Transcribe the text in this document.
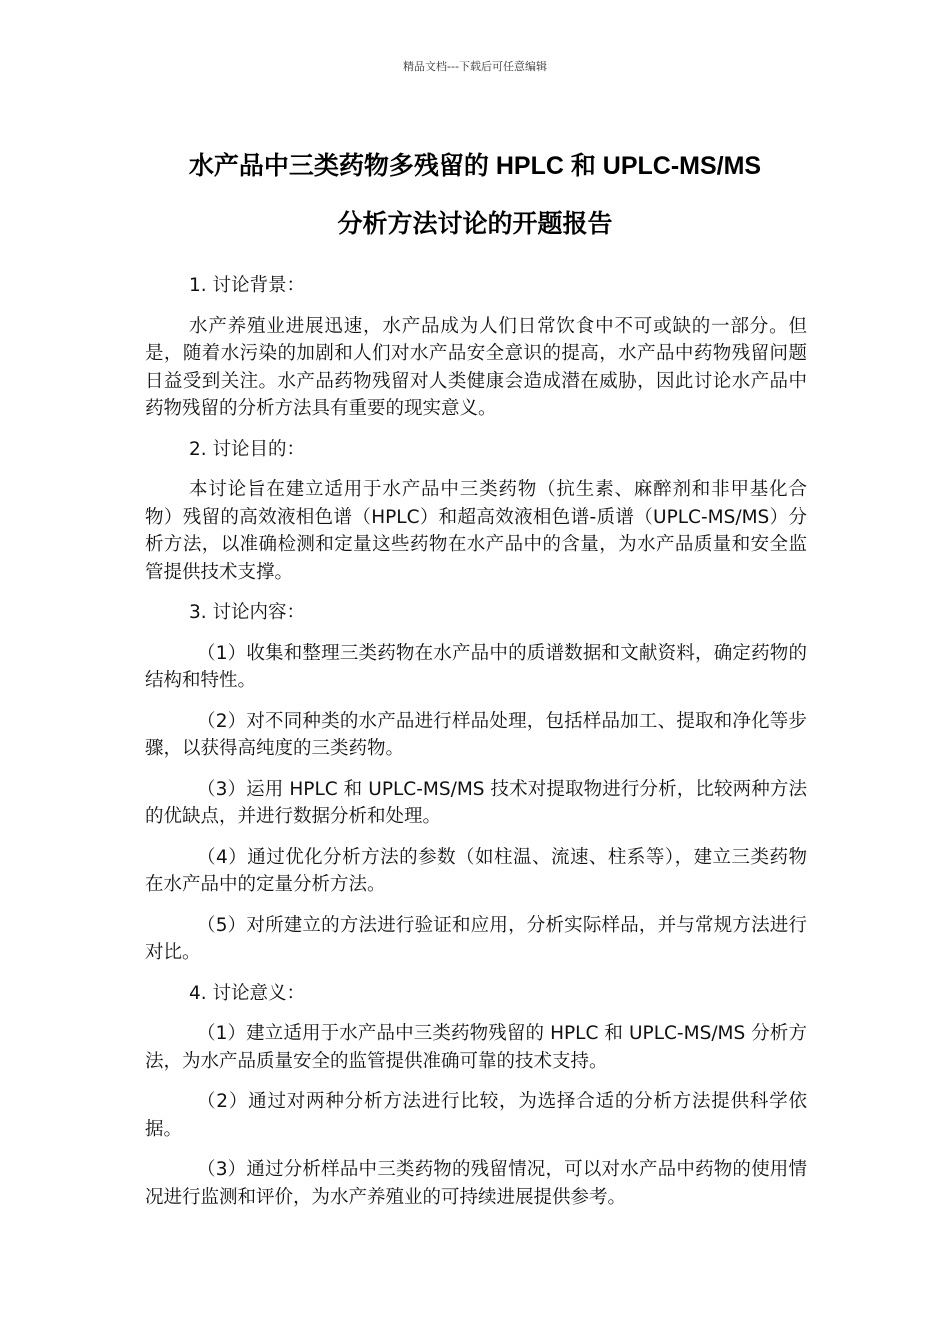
精品文档---下载后可任意编辑
水产品中三类药物多残留的 HPLC 和 UPLC-MS/MS
分析方法讨论的开题报告

1. 讨论背景：

水产养殖业进展迅速，水产品成为人们日常饮食中不可或缺的一部分。但是，随着水污染的加剧和人们对水产品安全意识的提高，水产品中药物残留问题日益受到关注。水产品药物残留对人类健康会造成潜在威胁，因此讨论水产品中药物残留的分析方法具有重要的现实意义。

2. 讨论目的：

本讨论旨在建立适用于水产品中三类药物（抗生素、麻醉剂和非甲基化合物）残留的高效液相色谱（HPLC）和超高效液相色谱-质谱（UPLC-MS/MS）分析方法，以准确检测和定量这些药物在水产品中的含量，为水产品质量和安全监管提供技术支撑。

3. 讨论内容：

（1）收集和整理三类药物在水产品中的质谱数据和文献资料，确定药物的结构和特性。

（2）对不同种类的水产品进行样品处理，包括样品加工、提取和净化等步骤，以获得高纯度的三类药物。

（3）运用 HPLC 和 UPLC-MS/MS 技术对提取物进行分析，比较两种方法的优缺点，并进行数据分析和处理。

（4）通过优化分析方法的参数（如柱温、流速、柱系等），建立三类药物在水产品中的定量分析方法。

（5）对所建立的方法进行验证和应用，分析实际样品，并与常规方法进行对比。

4. 讨论意义：

（1）建立适用于水产品中三类药物残留的 HPLC 和 UPLC-MS/MS 分析方法，为水产品质量安全的监管提供准确可靠的技术支持。

（2）通过对两种分析方法进行比较，为选择合适的分析方法提供科学依据。

（3）通过分析样品中三类药物的残留情况，可以对水产品中药物的使用情况进行监测和评价，为水产养殖业的可持续进展提供参考。
